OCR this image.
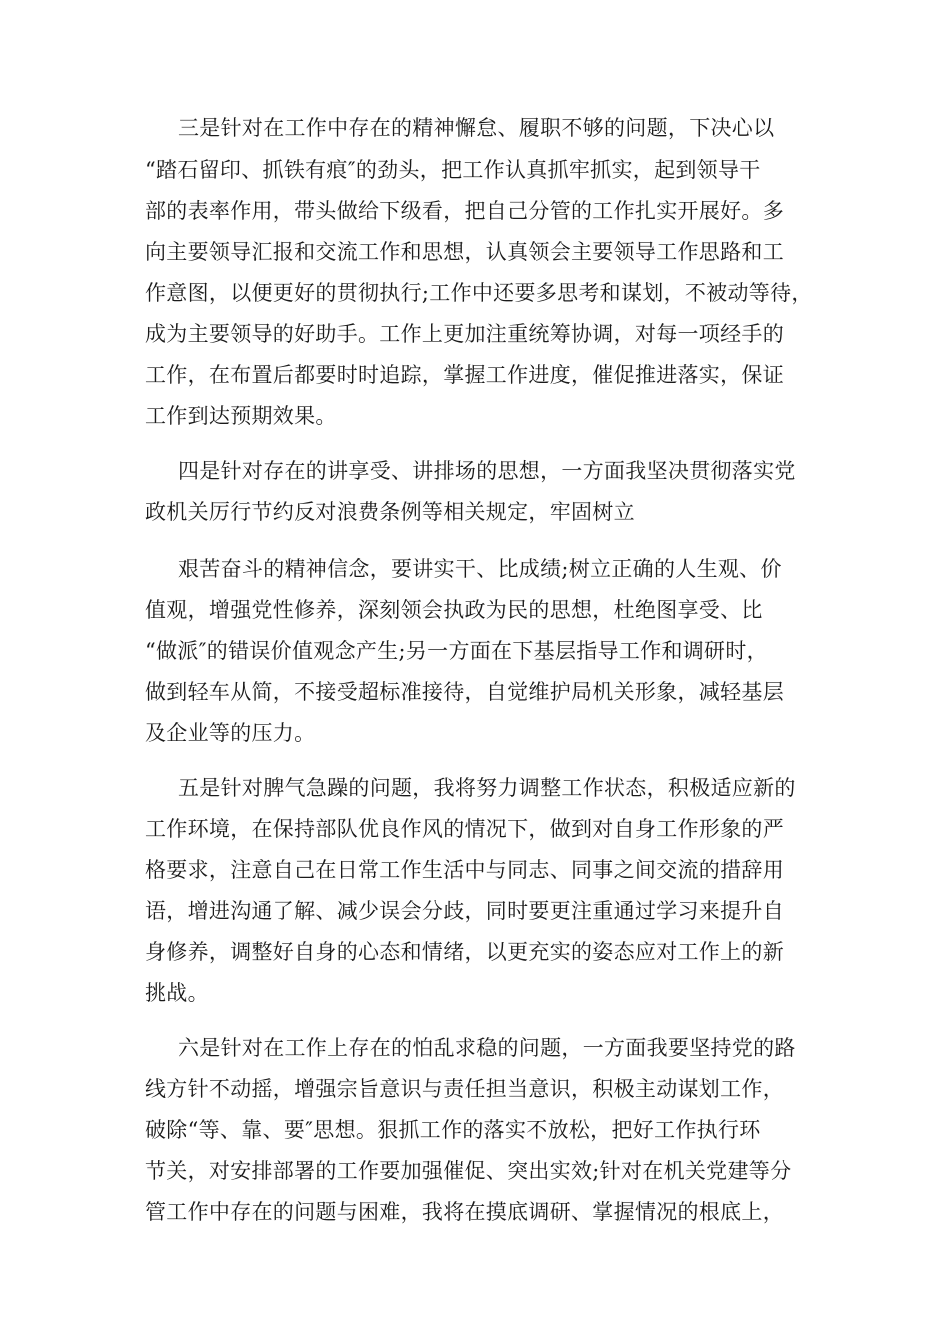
三是针对在工作中存在的精神懈怠、履职不够的问题，下决心以
“踏石留印、抓铁有痕″的劲头，把工作认真抓牢抓实，起到领导干
部的表率作用，带头做给下级看，把自己分管的工作扎实开展好。多
向主要领导汇报和交流工作和思想，认真领会主要领导工作思路和工
作意图，以便更好的贯彻执行;工作中还要多思考和谋划，不被动等待，
成为主要领导的好助手。工作上更加注重统筹协调，对每一项经手的
工作，在布置后都要时时追踪，掌握工作进度，催促推进落实，保证
工作到达预期效果。
四是针对存在的讲享受、讲排场的思想，一方面我坚决贯彻落实党
政机关厉行节约反对浪费条例等相关规定，牢固树立
艰苦奋斗的精神信念，要讲实干、比成绩;树立正确的人生观、价
值观，增强党性修养，深刻领会执政为民的思想，杜绝图享受、比
“做派″的错误价值观念产生;另一方面在下基层指导工作和调研时，
做到轻车从简，不接受超标准接待，自觉维护局机关形象，减轻基层
及企业等的压力。
五是针对脾气急躁的问题，我将努力调整工作状态，积极适应新的
工作环境，在保持部队优良作风的情况下，做到对自身工作形象的严
格要求，注意自己在日常工作生活中与同志、同事之间交流的措辞用
语，增进沟通了解、减少误会分歧，同时要更注重通过学习来提升自
身修养，调整好自身的心态和情绪，以更充实的姿态应对工作上的新
挑战。
六是针对在工作上存在的怕乱求稳的问题，一方面我要坚持党的路
线方针不动摇，增强宗旨意识与责任担当意识，积极主动谋划工作，
破除“等、靠、要″思想。狠抓工作的落实不放松，把好工作执行环
节关，对安排部署的工作要加强催促、突出实效;针对在机关党建等分
管工作中存在的问题与困难，我将在摸底调研、掌握情况的根底上，
